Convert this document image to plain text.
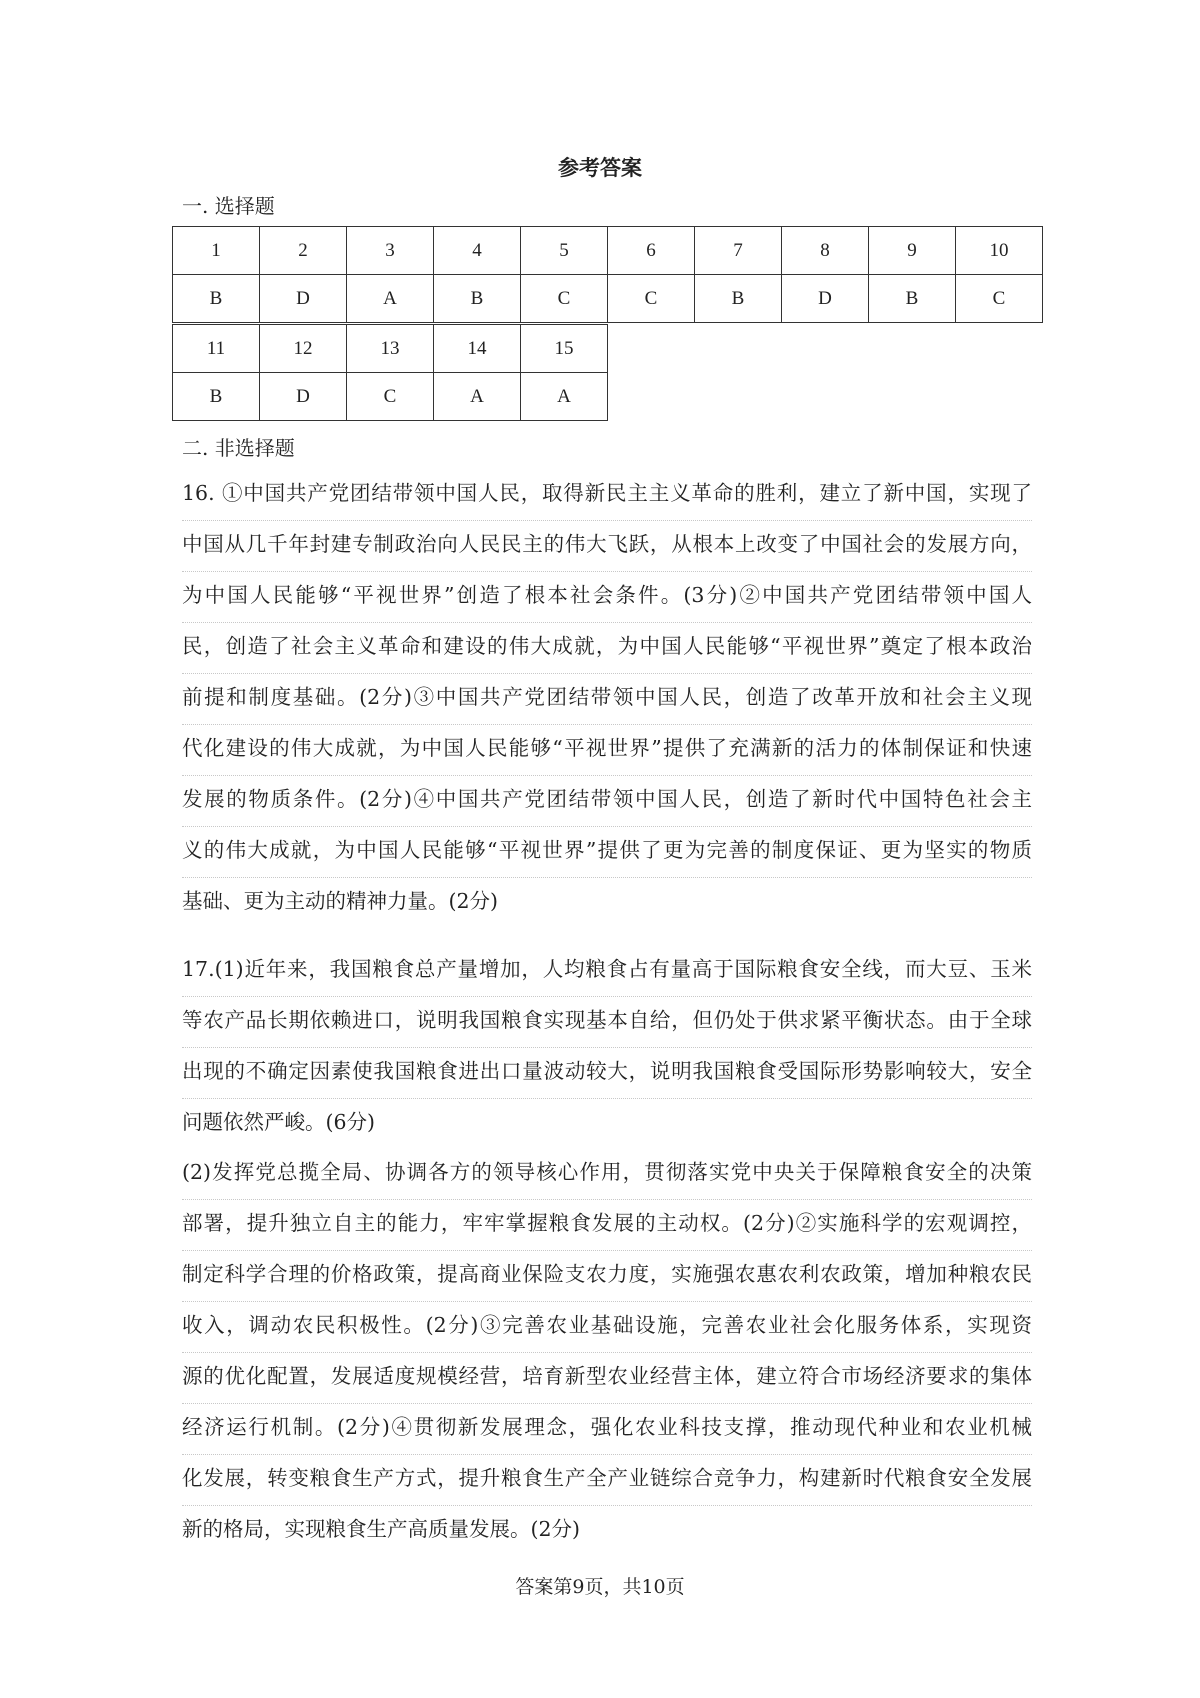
参考答案
一. 选择题
1	2	3	4	5	6	7	8	9	10
B	D	A	B	C	C	B	D	B	C
11	12	13	14	15
B	D	C	A	A
二. 非选择题
16. ①中国共产党团结带领中国人民，取得新民主主义革命的胜利，建立了新中国，实现了
中国从几千年封建专制政治向人民民主的伟大飞跃，从根本上改变了中国社会的发展方向，
为中国人民能够“平视世界”创造了根本社会条件。(3分)②中国共产党团结带领中国人
民，创造了社会主义革命和建设的伟大成就，为中国人民能够“平视世界”奠定了根本政治
前提和制度基础。(2分)③中国共产党团结带领中国人民，创造了改革开放和社会主义现
代化建设的伟大成就，为中国人民能够“平视世界”提供了充满新的活力的体制保证和快速
发展的物质条件。(2分)④中国共产党团结带领中国人民，创造了新时代中国特色社会主
义的伟大成就，为中国人民能够“平视世界”提供了更为完善的制度保证、更为坚实的物质
基础、更为主动的精神力量。(2分)
17.(1)近年来，我国粮食总产量增加，人均粮食占有量高于国际粮食安全线，而大豆、玉米
等农产品长期依赖进口，说明我国粮食实现基本自给，但仍处于供求紧平衡状态。由于全球
出现的不确定因素使我国粮食进出口量波动较大，说明我国粮食受国际形势影响较大，安全
问题依然严峻。(6分)
(2)发挥党总揽全局、协调各方的领导核心作用，贯彻落实党中央关于保障粮食安全的决策
部署，提升独立自主的能力，牢牢掌握粮食发展的主动权。(2分)②实施科学的宏观调控，
制定科学合理的价格政策，提高商业保险支农力度，实施强农惠农利农政策，增加种粮农民
收入，调动农民积极性。(2分)③完善农业基础设施，完善农业社会化服务体系，实现资
源的优化配置，发展适度规模经营，培育新型农业经营主体，建立符合市场经济要求的集体
经济运行机制。(2分)④贯彻新发展理念，强化农业科技支撑，推动现代种业和农业机械
化发展，转变粮食生产方式，提升粮食生产全产业链综合竞争力，构建新时代粮食安全发展
新的格局，实现粮食生产高质量发展。(2分)
答案第9页，共10页
